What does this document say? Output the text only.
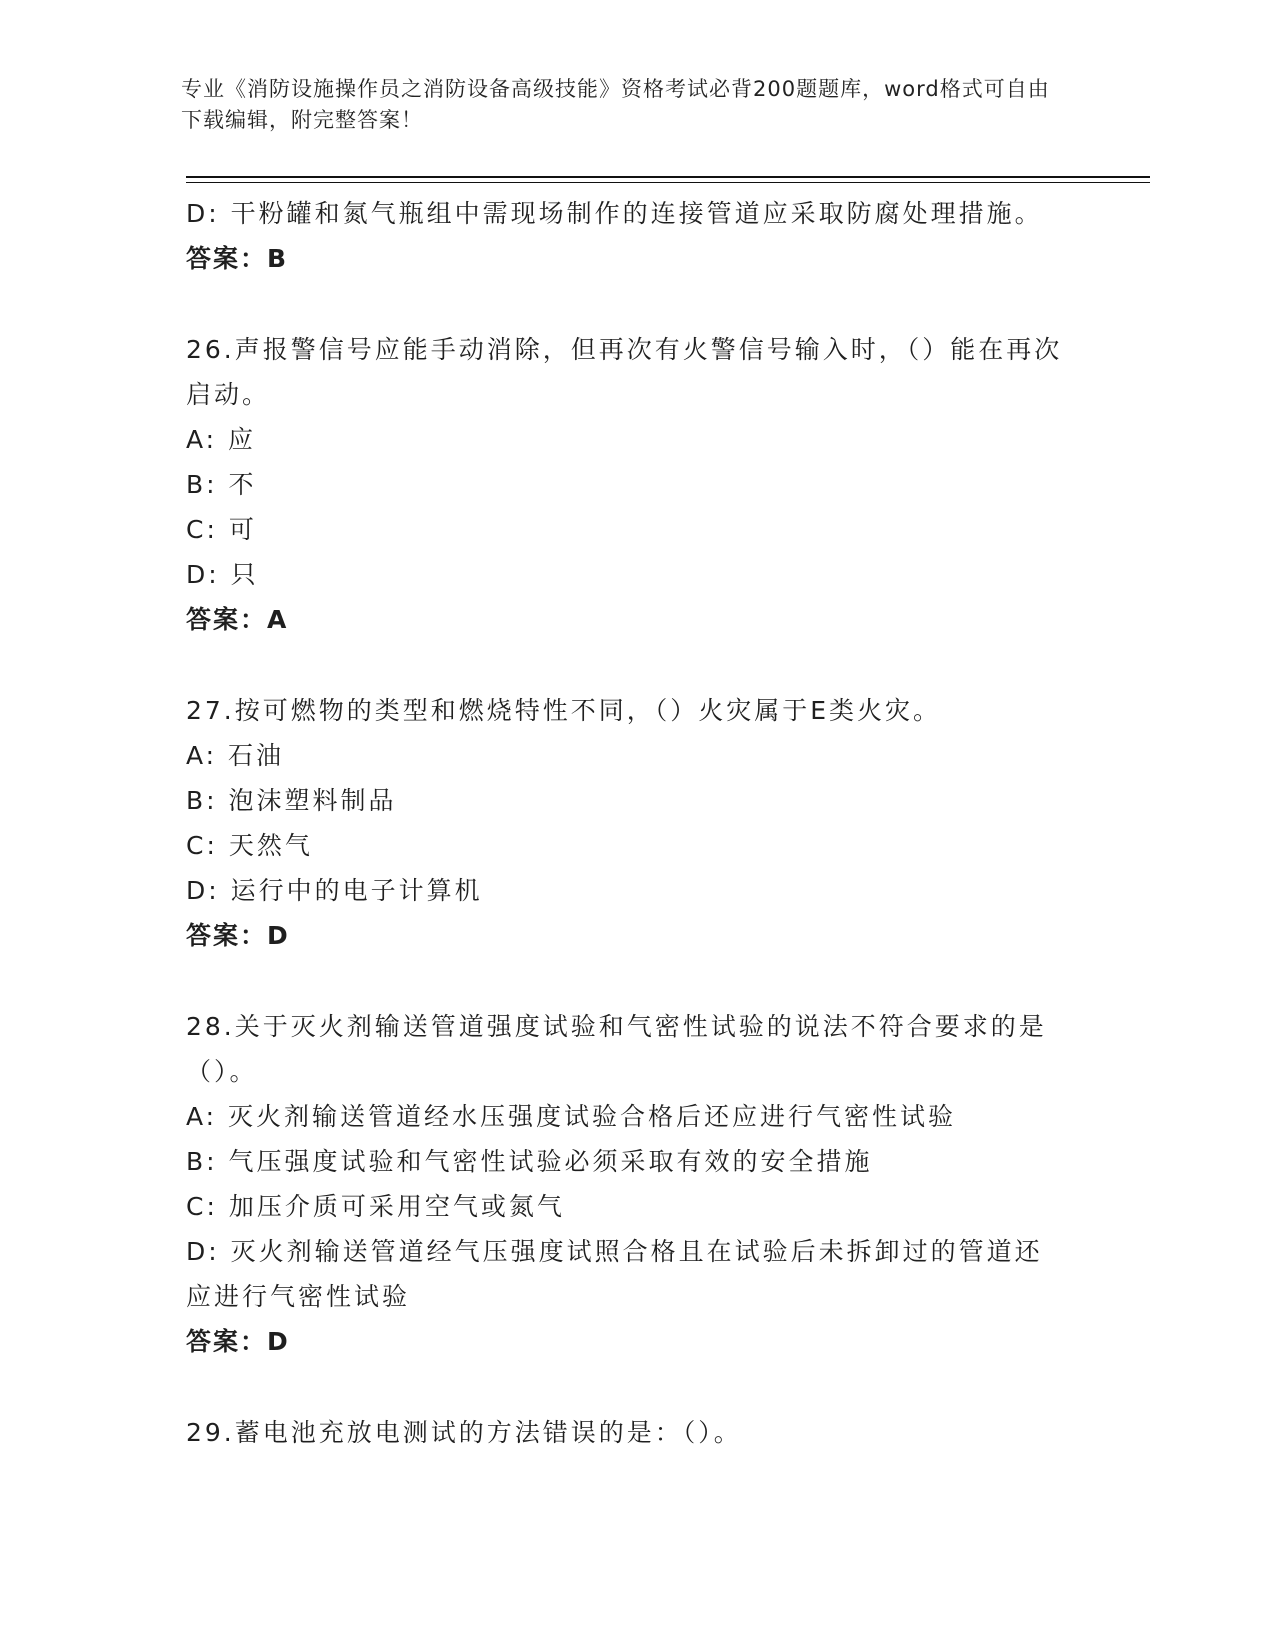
专业《消防设施操作员之消防设备高级技能》资格考试必背200题题库，word格式可自由下载编辑，附完整答案！
D: 干粉罐和氮气瓶组中需现场制作的连接管道应采取防腐处理措施。
答案：B
26.声报警信号应能手动消除，但再次有火警信号输入时，（）能在再次启动。
A: 应
B: 不
C: 可
D: 只
答案：A
27.按可燃物的类型和燃烧特性不同，（）火灾属于E类火灾。
A: 石油
B: 泡沫塑料制品
C: 天然气
D: 运行中的电子计算机
答案：D
28.关于灭火剂输送管道强度试验和气密性试验的说法不符合要求的是（）。
A: 灭火剂输送管道经水压强度试验合格后还应进行气密性试验
B: 气压强度试验和气密性试验必须采取有效的安全措施
C: 加压介质可采用空气或氮气
D: 灭火剂输送管道经气压强度试照合格且在试验后未拆卸过的管道还应进行气密性试验
答案：D
29.蓄电池充放电测试的方法错误的是：（）。
